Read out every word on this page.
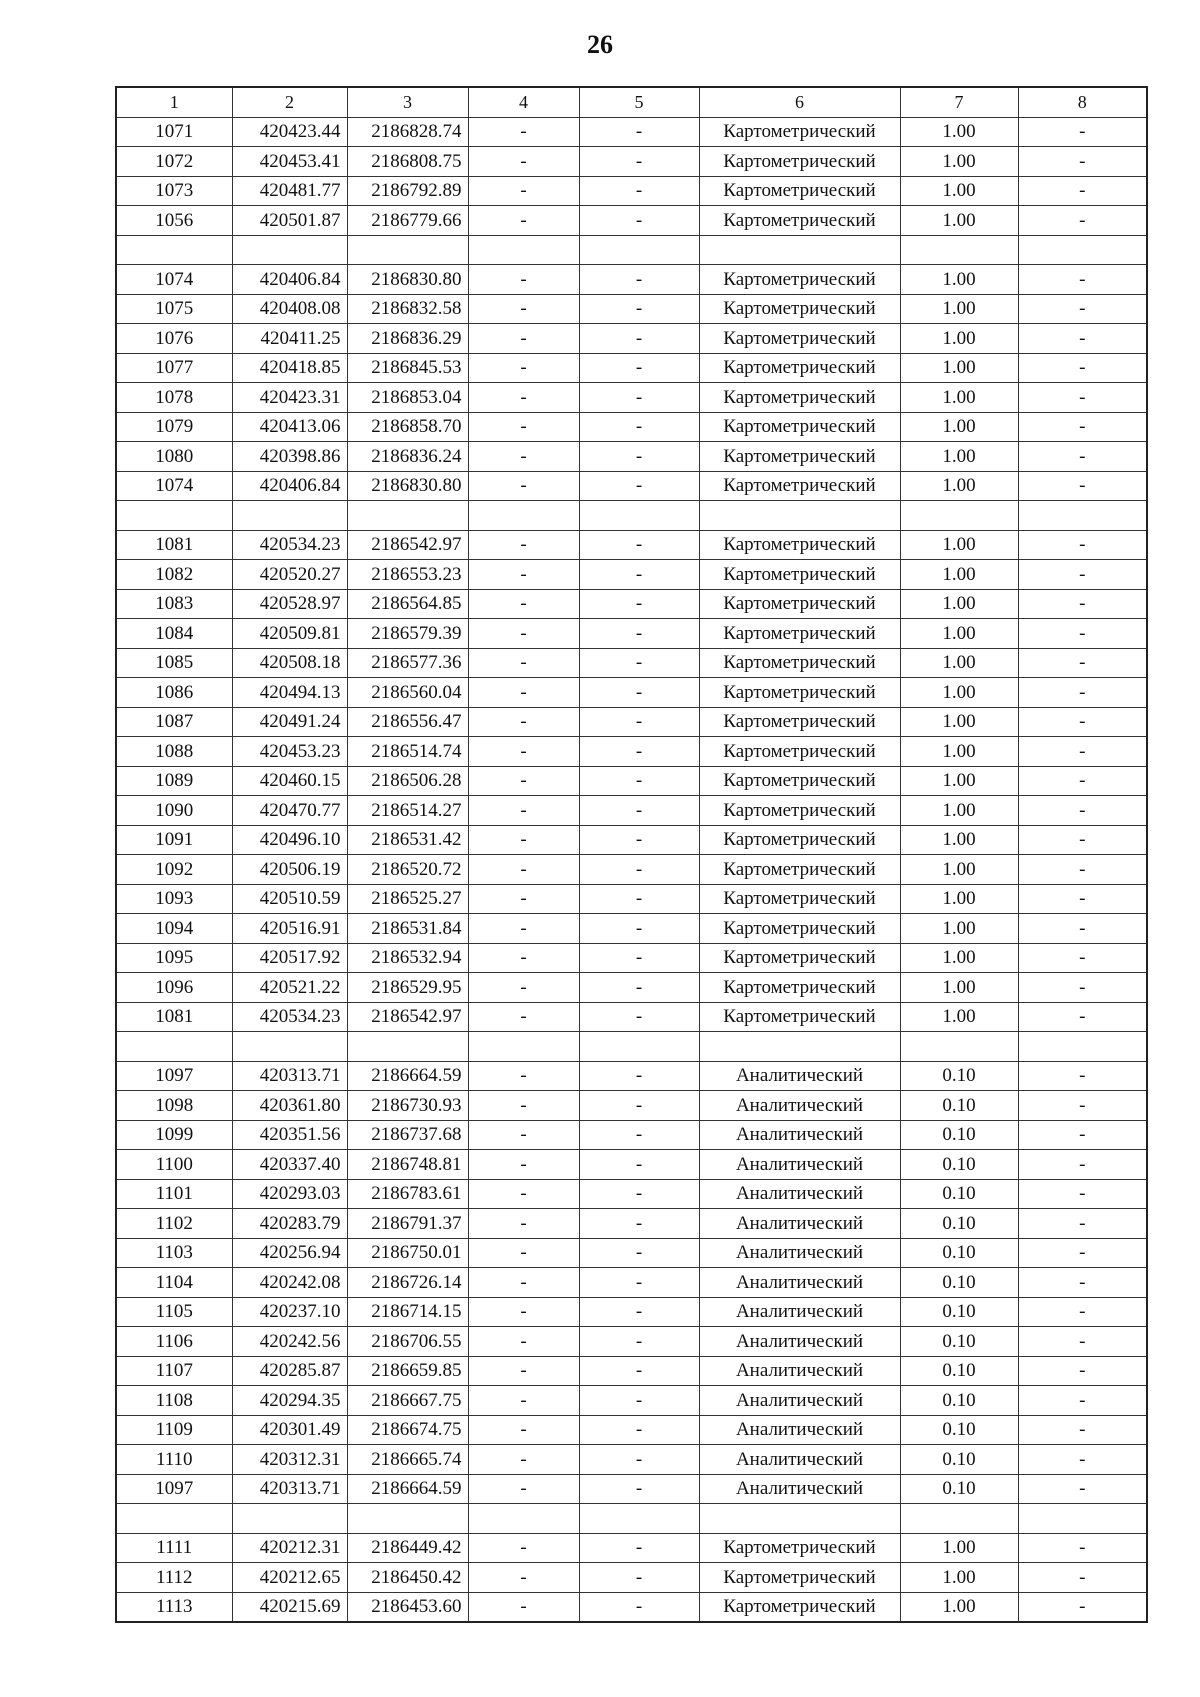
26
1	2	3	4	5	6	7	8
1071	420423.44	2186828.74	-	-	Картометрический	1.00	-
1072	420453.41	2186808.75	-	-	Картометрический	1.00	-
1073	420481.77	2186792.89	-	-	Картометрический	1.00	-
1056	420501.87	2186779.66	-	-	Картометрический	1.00	-

1074	420406.84	2186830.80	-	-	Картометрический	1.00	-
1075	420408.08	2186832.58	-	-	Картометрический	1.00	-
1076	420411.25	2186836.29	-	-	Картометрический	1.00	-
1077	420418.85	2186845.53	-	-	Картометрический	1.00	-
1078	420423.31	2186853.04	-	-	Картометрический	1.00	-
1079	420413.06	2186858.70	-	-	Картометрический	1.00	-
1080	420398.86	2186836.24	-	-	Картометрический	1.00	-
1074	420406.84	2186830.80	-	-	Картометрический	1.00	-

1081	420534.23	2186542.97	-	-	Картометрический	1.00	-
1082	420520.27	2186553.23	-	-	Картометрический	1.00	-
1083	420528.97	2186564.85	-	-	Картометрический	1.00	-
1084	420509.81	2186579.39	-	-	Картометрический	1.00	-
1085	420508.18	2186577.36	-	-	Картометрический	1.00	-
1086	420494.13	2186560.04	-	-	Картометрический	1.00	-
1087	420491.24	2186556.47	-	-	Картометрический	1.00	-
1088	420453.23	2186514.74	-	-	Картометрический	1.00	-
1089	420460.15	2186506.28	-	-	Картометрический	1.00	-
1090	420470.77	2186514.27	-	-	Картометрический	1.00	-
1091	420496.10	2186531.42	-	-	Картометрический	1.00	-
1092	420506.19	2186520.72	-	-	Картометрический	1.00	-
1093	420510.59	2186525.27	-	-	Картометрический	1.00	-
1094	420516.91	2186531.84	-	-	Картометрический	1.00	-
1095	420517.92	2186532.94	-	-	Картометрический	1.00	-
1096	420521.22	2186529.95	-	-	Картометрический	1.00	-
1081	420534.23	2186542.97	-	-	Картометрический	1.00	-

1097	420313.71	2186664.59	-	-	Аналитический	0.10	-
1098	420361.80	2186730.93	-	-	Аналитический	0.10	-
1099	420351.56	2186737.68	-	-	Аналитический	0.10	-
1100	420337.40	2186748.81	-	-	Аналитический	0.10	-
1101	420293.03	2186783.61	-	-	Аналитический	0.10	-
1102	420283.79	2186791.37	-	-	Аналитический	0.10	-
1103	420256.94	2186750.01	-	-	Аналитический	0.10	-
1104	420242.08	2186726.14	-	-	Аналитический	0.10	-
1105	420237.10	2186714.15	-	-	Аналитический	0.10	-
1106	420242.56	2186706.55	-	-	Аналитический	0.10	-
1107	420285.87	2186659.85	-	-	Аналитический	0.10	-
1108	420294.35	2186667.75	-	-	Аналитический	0.10	-
1109	420301.49	2186674.75	-	-	Аналитический	0.10	-
1110	420312.31	2186665.74	-	-	Аналитический	0.10	-
1097	420313.71	2186664.59	-	-	Аналитический	0.10	-

1111	420212.31	2186449.42	-	-	Картометрический	1.00	-
1112	420212.65	2186450.42	-	-	Картометрический	1.00	-
1113	420215.69	2186453.60	-	-	Картометрический	1.00	-
